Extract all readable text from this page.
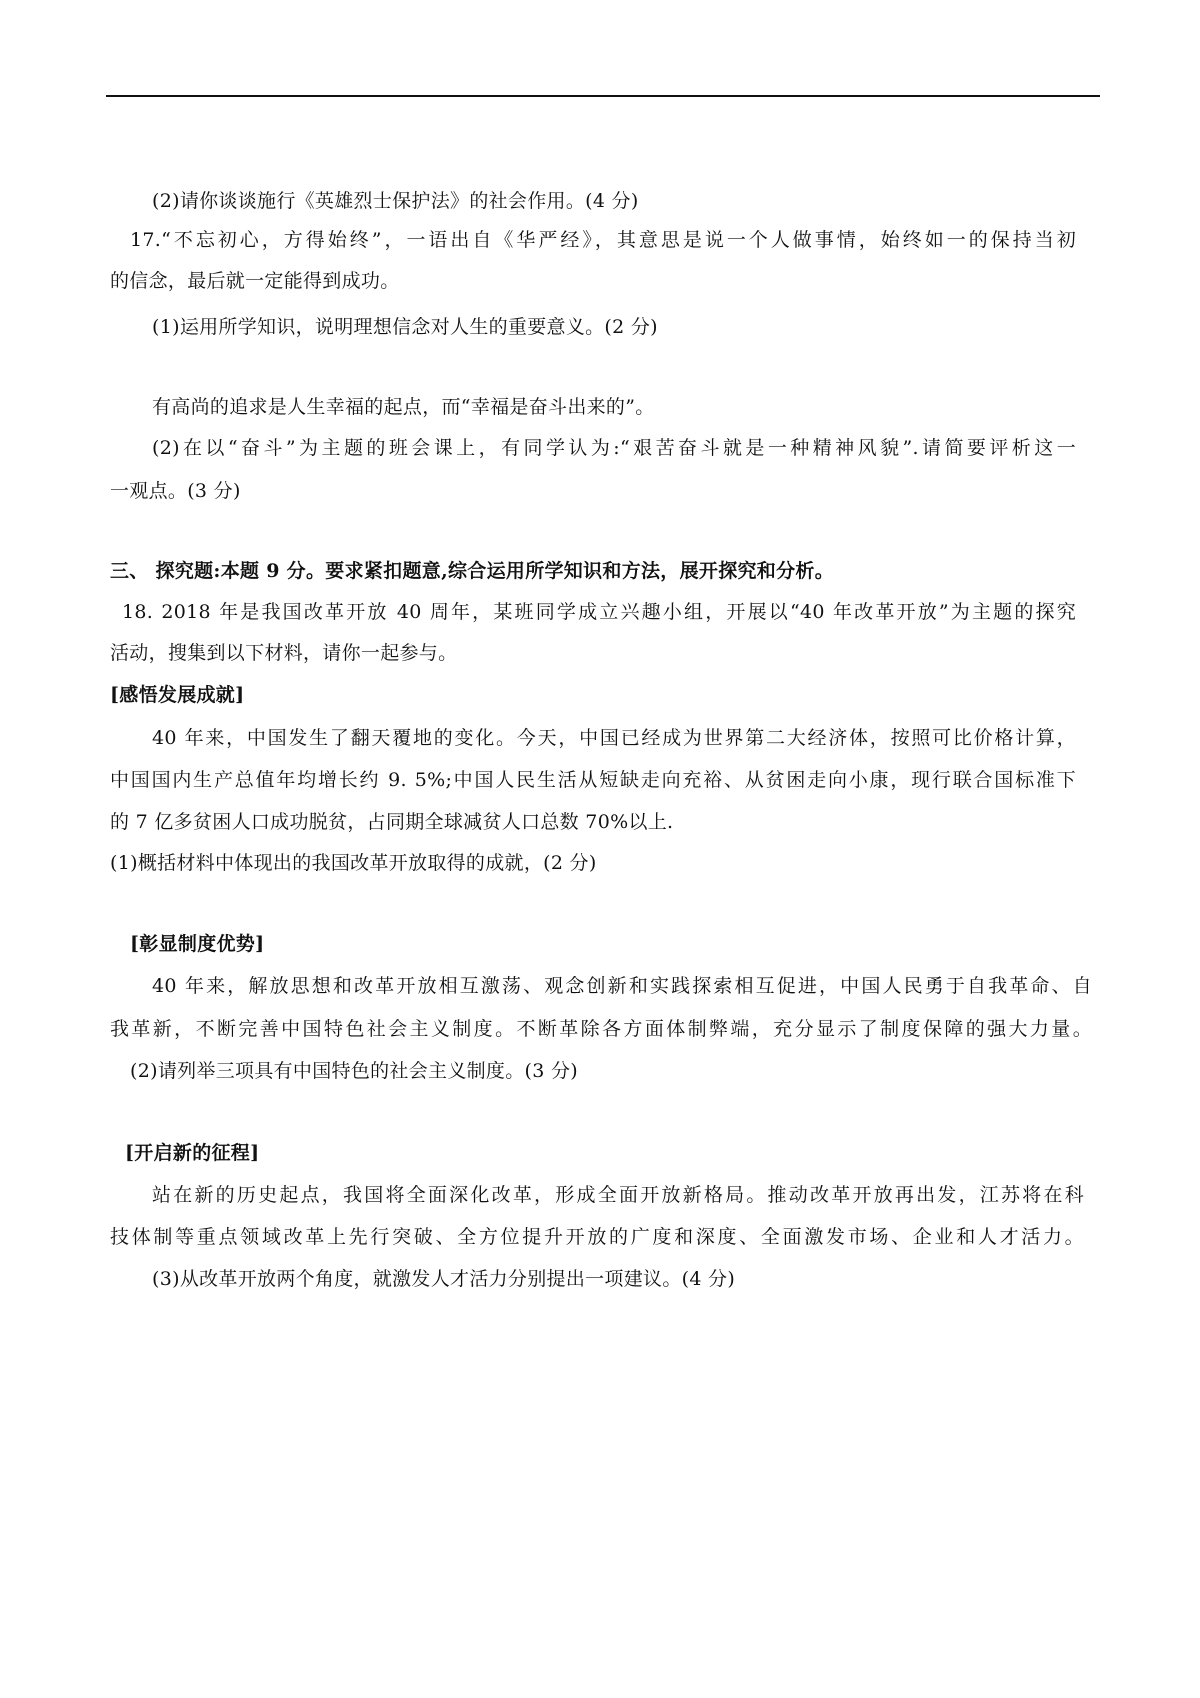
(2)请你谈谈施行《英雄烈士保护法》的社会作用。(4 分)
17.“不忘初心，方得始终”，一语出自《华严经》，其意思是说一个人做事情，始终如一的保持当初
的信念，最后就一定能得到成功。
(1)运用所学知识，说明理想信念对人生的重要意义。(2 分)
有高尚的追求是人生幸福的起点，而“幸福是奋斗出来的”。
(2)在以“奋斗”为主题的班会课上，有同学认为:“艰苦奋斗就是一种精神风貌”.请简要评析这一
一观点。(3 分)
三、 探究题:本题 9 分。要求紧扣题意,综合运用所学知识和方法，展开探究和分析。
18. 2018 年是我国改革开放 40 周年，某班同学成立兴趣小组，开展以“40 年改革开放”为主题的探究
活动，搜集到以下材料，请你一起参与。
[感悟发展成就]
40 年来，中国发生了翻天覆地的变化。今天，中国已经成为世界第二大经济体，按照可比价格计算，
中国国内生产总值年均增长约 9. 5%;中国人民生活从短缺走向充裕、从贫困走向小康，现行联合国标准下
的 7 亿多贫困人口成功脱贫，占同期全球减贫人口总数 70%以上.
(1)概括材料中体现出的我国改革开放取得的成就，(2 分)
[彰显制度优势]
40 年来，解放思想和改革开放相互激荡、观念创新和实践探索相互促进，中国人民勇于自我革命、自
我革新，不断完善中国特色社会主义制度。不断革除各方面体制弊端，充分显示了制度保障的强大力量。
(2)请列举三项具有中国特色的社会主义制度。(3 分)
[开启新的征程]
站在新的历史起点，我国将全面深化改革，形成全面开放新格局。推动改革开放再出发，江苏将在科
技体制等重点领域改革上先行突破、全方位提升开放的广度和深度、全面激发市场、企业和人才活力。
(3)从改革开放两个角度，就激发人才活力分别提出一项建议。(4 分)
